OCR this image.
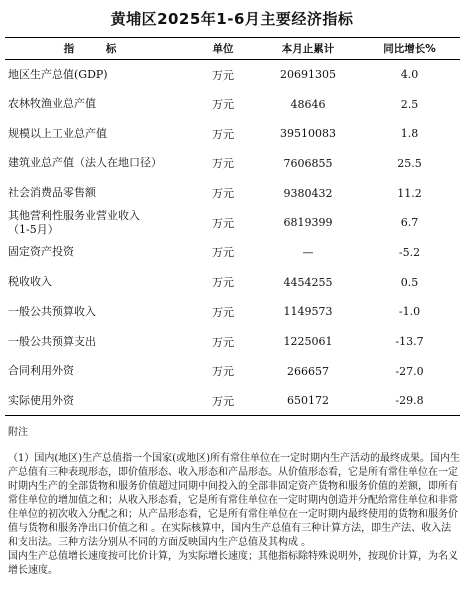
黄埔区2025年1-6月主要经济指标
指 标	单位	本月止累计	同比增长%

地区生产总值(GDP)	万元	20691305	4.0

农林牧渔业总产值	万元	48646	2.5

规模以上工业总产值	万元	39510083	1.8

建筑业总产值（法人在地口径）	万元	7606855	25.5

社会消费品零售额	万元	9380432	11.2

其他营利性服务业营业收入
（1-5月）	万元	6819399	6.7

固定资产投资	万元	—	-5.2

税收收入	万元	4454255	0.5

一般公共预算收入	万元	1149573	-1.0

一般公共预算支出	万元	1225061	-13.7

合同利用外资	万元	266657	-27.0

实际使用外资	万元	650172	-29.8

附注

（1）国内(地区)生产总值指一个国家(或地区)所有常住单位在一定时期内生产活动的最终成果。国内生产总值有三种表现形态，即价值形态、收入形态和产品形态。从价值形态看，它是所有常住单位在一定时期内生产的全部货物和服务价值超过同期中间投入的全部非固定资产货物和服务价值的差额，即所有常住单位的增加值之和；从收入形态看，它是所有常住单位在一定时期内创造并分配给常住单位和非常住单位的初次收入分配之和；从产品形态看，它是所有常住单位在一定时期内最终使用的货物和服务价值与货物和服务净出口价值之和 。在实际核算中，国内生产总值有三种计算方法，即生产法、收入法和支出法。三种方法分别从不同的方面反映国内生产总值及其构成 。

国内生产总值增长速度按可比价计算，为实际增长速度；其他指标除特殊说明外，按现价计算，为名义增长速度。
